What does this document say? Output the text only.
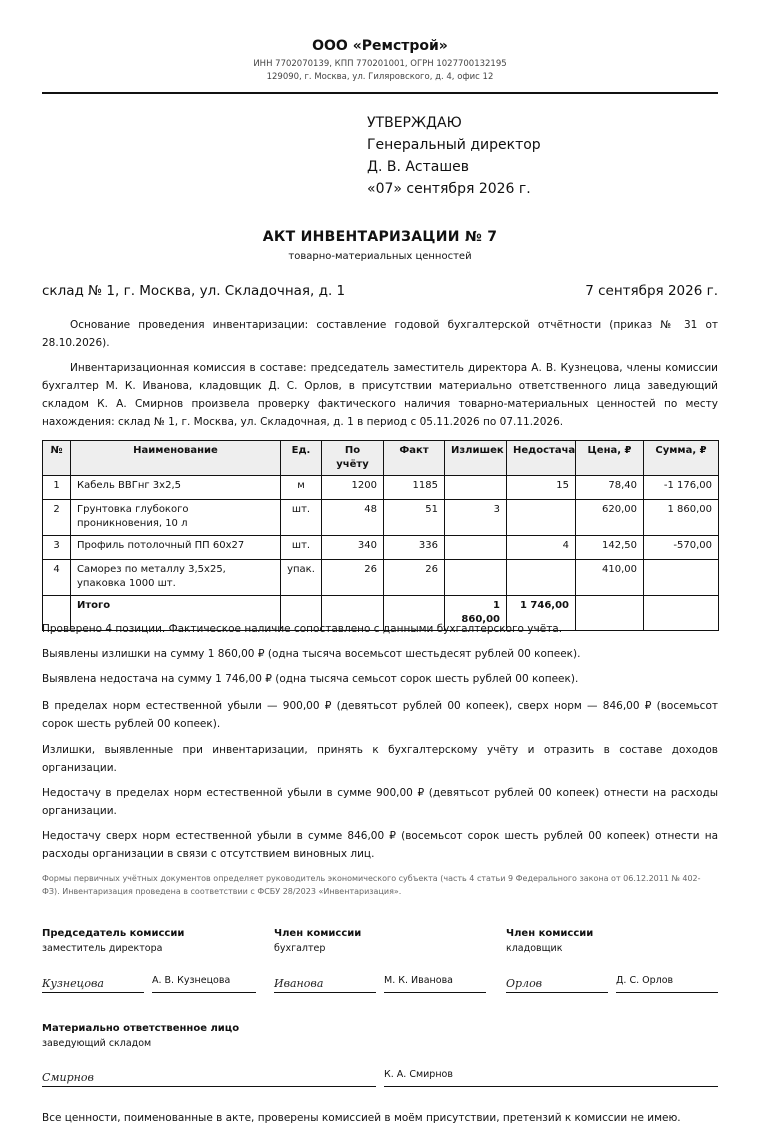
ООО «Ремстрой»
ИНН 7702070139, КПП 770201001, ОГРН 1027700132195
129090, г. Москва, ул. Гиляровского, д. 4, офис 12
УТВЕРЖДАЮ
Генеральный директор
Д. В. Асташев
«07» сентября 2026 г.
АКТ ИНВЕНТАРИЗАЦИИ № 7
товарно-материальных ценностей
склад № 1, г. Москва, ул. Складочная, д. 1	7 сентября 2026 г.
Основание проведения инвентаризации: составление годовой бухгалтерской отчётности (приказ № 31 от 28.10.2026).
Инвентаризационная комиссия в составе: председатель заместитель директора А. В. Кузнецова, члены комиссии бухгалтер М. К. Иванова, кладовщик Д. С. Орлов, в присутствии материально ответственного лица заведующий складом К. А. Смирнов произвела проверку фактического наличия товарно-материальных ценностей по месту нахождения: склад № 1, г. Москва, ул. Складочная, д. 1 в период с 05.11.2026 по 07.11.2026.
№	Наименование	Ед.	По учёту	Факт	Излишек	Недостача	Цена, ₽	Сумма, ₽
1	Кабель ВВГнг 3х2,5	м	1200	1185		15	78,40	-1 176,00
2	Грунтовка глубокого проникновения, 10 л	шт.	48	51	3		620,00	1 860,00
3	Профиль потолочный ПП 60х27	шт.	340	336		4	142,50	-570,00
4	Саморез по металлу 3,5х25, упаковка 1000 шт.	упак.	26	26			410,00	
	Итого				1 860,00	1 746,00		
Проверено 4 позиции. Фактическое наличие сопоставлено с данными бухгалтерского учёта.
Выявлены излишки на сумму 1 860,00 ₽ (одна тысяча восемьсот шестьдесят рублей 00 копеек).
Выявлена недостача на сумму 1 746,00 ₽ (одна тысяча семьсот сорок шесть рублей 00 копеек).
В пределах норм естественной убыли — 900,00 ₽ (девятьсот рублей 00 копеек), сверх норм — 846,00 ₽ (восемьсот сорок шесть рублей 00 копеек).
Излишки, выявленные при инвентаризации, принять к бухгалтерскому учёту и отразить в составе доходов организации.
Недостачу в пределах норм естественной убыли в сумме 900,00 ₽ (девятьсот рублей 00 копеек) отнести на расходы организации.
Недостачу сверх норм естественной убыли в сумме 846,00 ₽ (восемьсот сорок шесть рублей 00 копеек) отнести на расходы организации в связи с отсутствием виновных лиц.
Формы первичных учётных документов определяет руководитель экономического субъекта (часть 4 статьи 9 Федерального закона от 06.12.2011 № 402-ФЗ). Инвентаризация проведена в соответствии с ФСБУ 28/2023 «Инвентаризация».
Председатель комиссии
заместитель директора
Кузнецова	А. В. Кузнецова
Член комиссии
бухгалтер
Иванова	М. К. Иванова
Член комиссии
кладовщик
Орлов	Д. С. Орлов
Материально ответственное лицо
заведующий складом
Смирнов	К. А. Смирнов
Все ценности, поименованные в акте, проверены комиссией в моём присутствии, претензий к комиссии не имею.
